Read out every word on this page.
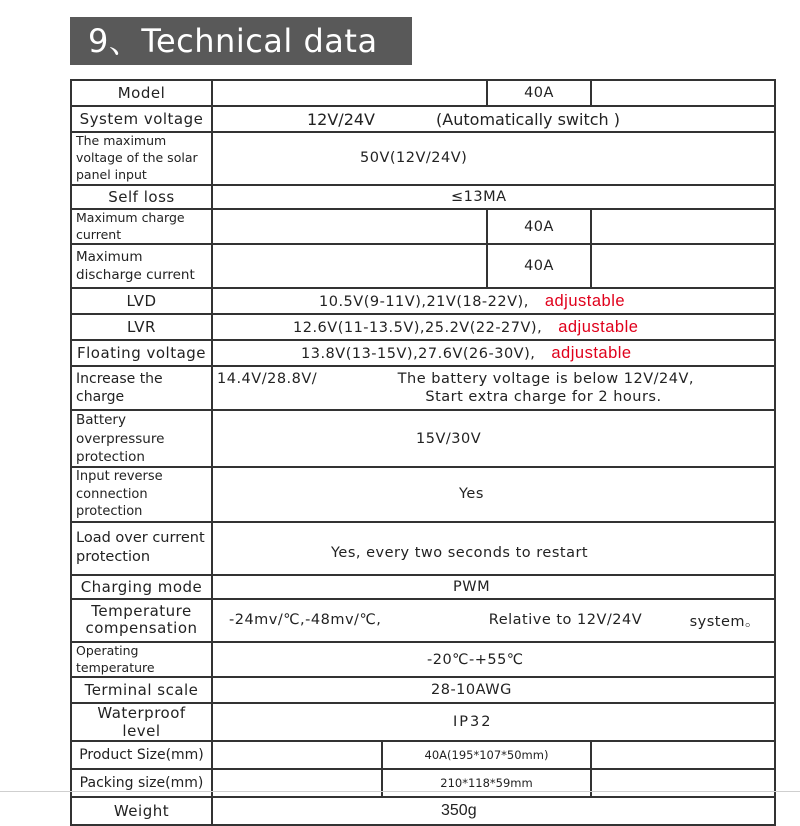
9、Technical data
Model			40A	
System voltage	12V/24V (Automatically switch )			

The maximum voltage of the solar panel input	50V(12V/24V)			
Self loss	≤13MA			
Maximum charge current			40A	
Maximum discharge current			40A	
LVD	10.5V(9-11V),21V(18-22V), adjustable			
LVR	12.6V(11-13.5V),25.2V(22-27V), adjustable			
Floating voltage	13.8V(13-15V),27.6V(26-30V), adjustable			
Increase the charge	14.4V/28.8V/ The battery voltage is below 12V/24V,
Start extra charge for 2 hours.			

Battery overpressure protection	15V/30V			
Input reverse connection protection	Yes			
Load over current protection	Yes, every two seconds to restart			
Charging mode	PWM			
Temperature compensation	-24mv/℃,-48mv/℃, Relative to 12V/24V system。			

Operating temperature	-20℃-+55℃			
Terminal scale	28-10AWG			
Waterproof level	IP32			
Product Size(mm)		40A(195*107*50mm)		
Packing size(mm)		210*118*59mm		
Weight	350g			
